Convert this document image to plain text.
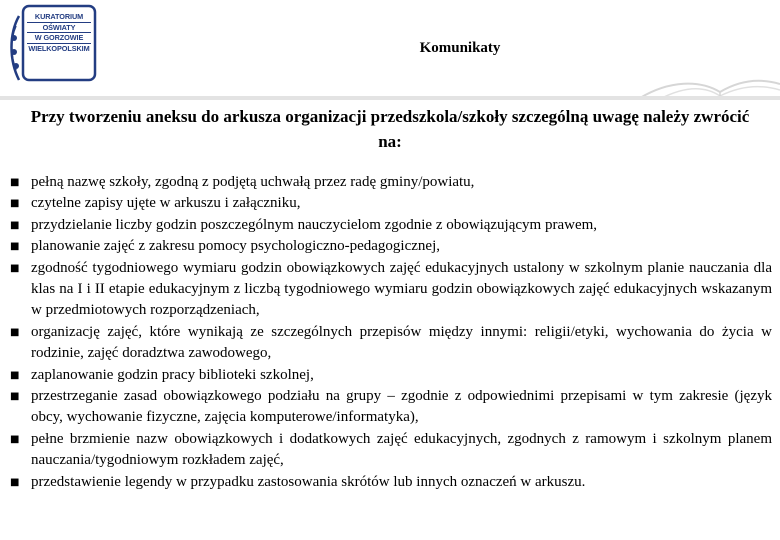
KURATORIUM
OŚWIATY
W GORZOWIE
WIELKOPOLSKIM	Komunikaty
Przy tworzeniu aneksu do arkusza organizacji przedszkola/szkoły szczególną uwagę należy zwrócić na:
■ pełną nazwę szkoły, zgodną z podjętą uchwałą przez radę gminy/powiatu,
■ czytelne zapisy ujęte w arkuszu i załączniku,
■ przydzielanie liczby godzin poszczególnym nauczycielom zgodnie z obowiązującym prawem,
■ planowanie zajęć z zakresu pomocy psychologiczno-pedagogicznej,
■ zgodność tygodniowego wymiaru godzin obowiązkowych zajęć edukacyjnych ustalony w szkolnym planie nauczania dla klas na I i II etapie edukacyjnym z liczbą tygodniowego wymiaru godzin obowiązkowych zajęć edukacyjnych wskazanym w przedmiotowych rozporządzeniach,
■ organizację zajęć, które wynikają ze szczególnych przepisów między innymi: religii/etyki, wychowania do życia w rodzinie, zajęć doradztwa zawodowego,
■ zaplanowanie godzin pracy biblioteki szkolnej,
■ przestrzeganie zasad obowiązkowego podziału na grupy – zgodnie z odpowiednimi przepisami w tym zakresie (język obcy, wychowanie fizyczne, zajęcia komputerowe/informatyka),
■ pełne brzmienie nazw obowiązkowych i dodatkowych zajęć edukacyjnych, zgodnych z ramowym i szkolnym planem nauczania/tygodniowym rozkładem zajęć,
■ przedstawienie legendy w przypadku zastosowania skrótów lub innych oznaczeń w arkuszu.
